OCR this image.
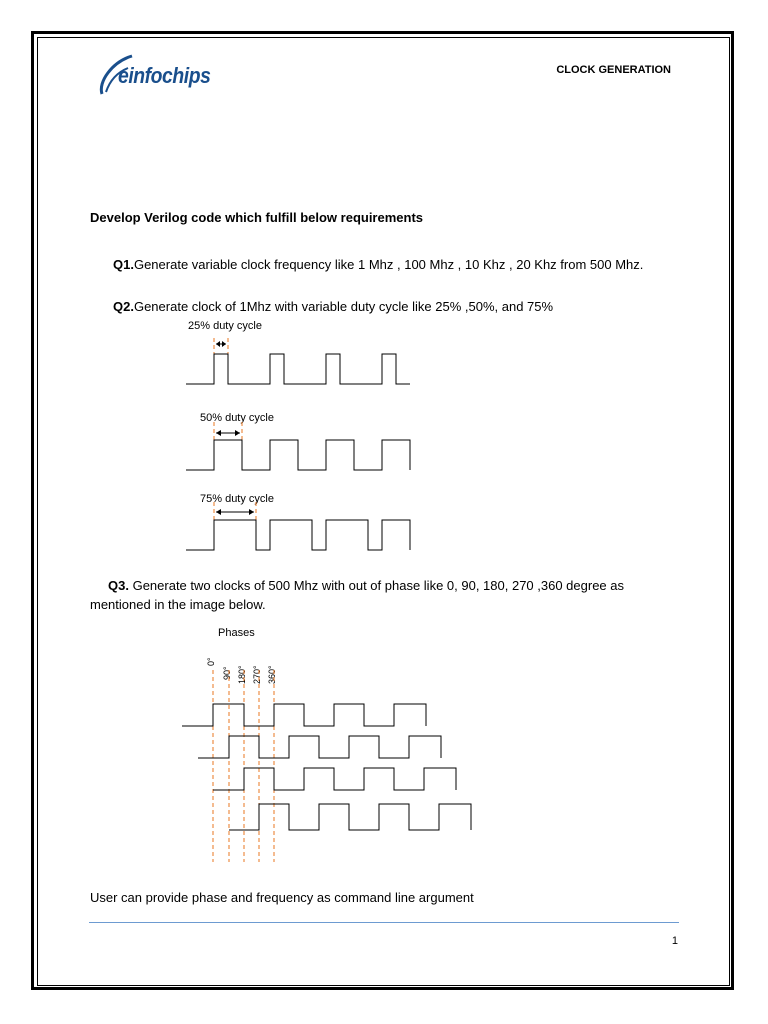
einfochips	CLOCK GENERATION
Develop Verilog code which fulfill below requirements
Q1.Generate variable clock frequency like 1 Mhz , 100 Mhz , 10 Khz , 20 Khz from 500 Mhz.
Q2.Generate clock of 1Mhz with variable duty cycle like 25% ,50%, and 75%
25% duty cycle
50% duty cycle
75% duty cycle
Q3. Generate two clocks of 500 Mhz with out of phase like 0, 90, 180, 270 ,360 degree as
mentioned in the image below.
Phases
0°
90° 180° 270° 360°
User can provide phase and frequency as command line argument
1
